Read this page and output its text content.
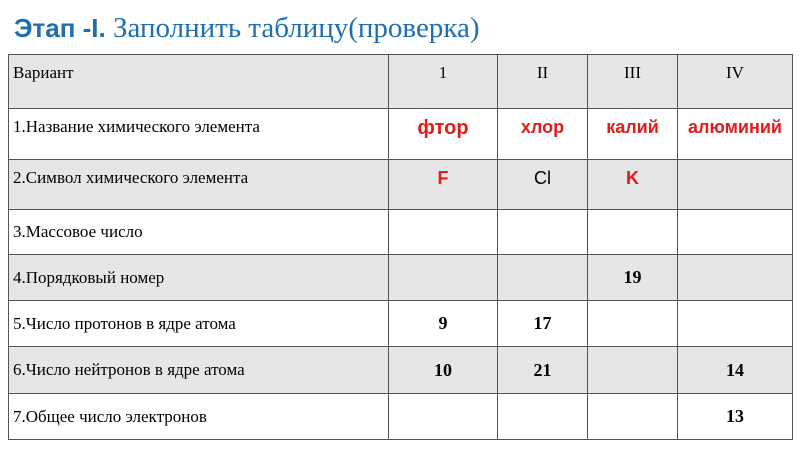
Этап -I. Заполнить таблицу(проверка)
Вариант	1	II	III	IV
1.Название химического элемента	фтор	хлор	калий	алюминий
2.Символ химического элемента	F	Cl	K	
3.Массовое число				
4.Порядковый номер			19	
5.Число протонов в ядре атома	9	17		
6.Число нейтронов в ядре атома	10	21		14
7.Общее число электронов				13
